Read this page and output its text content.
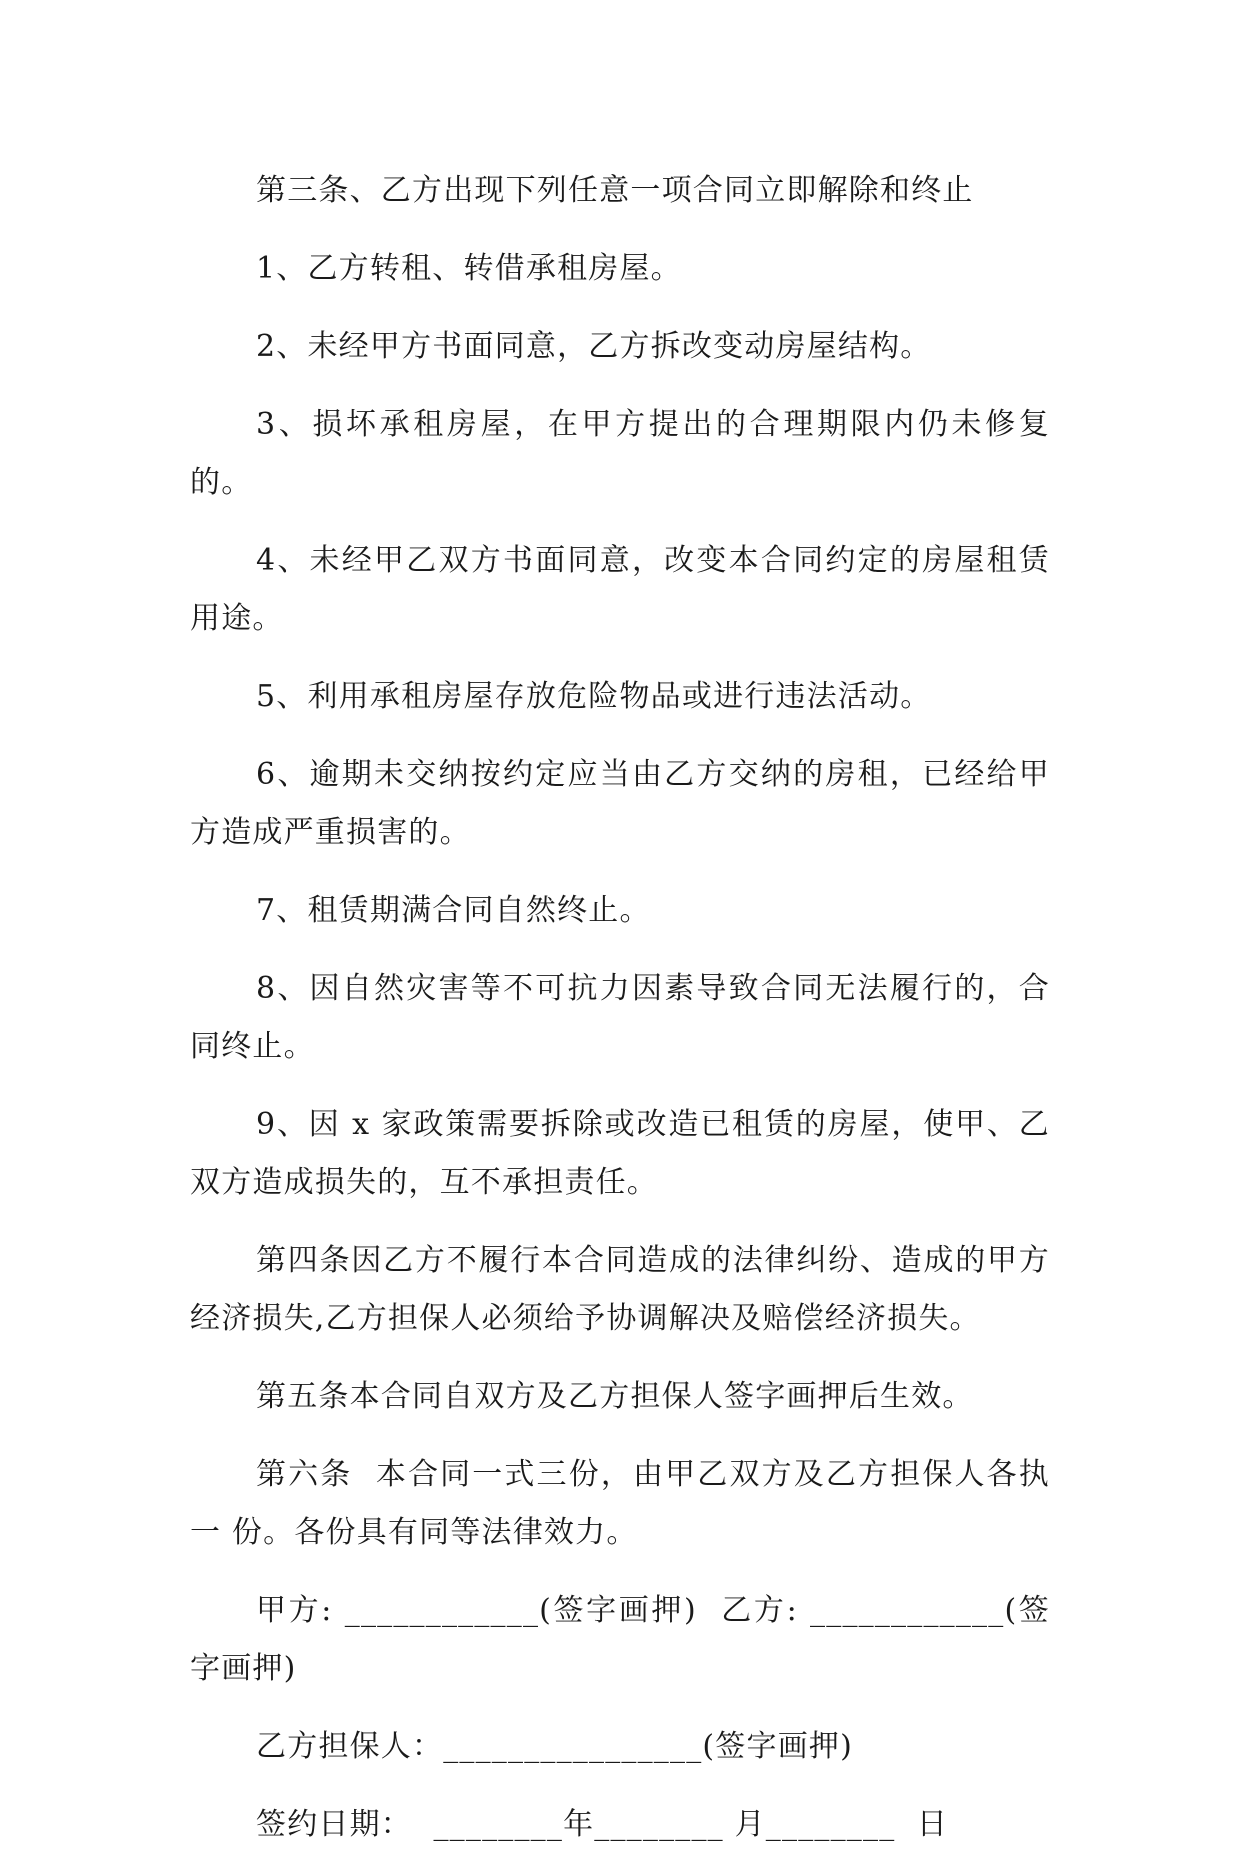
第三条、乙方出现下列任意一项合同立即解除和终止

1、乙方转租、转借承租房屋。

2、未经甲方书面同意，乙方拆改变动房屋结构。

3、损坏承租房屋，在甲方提出的合理期限内仍未修复的。

4、未经甲乙双方书面同意，改变本合同约定的房屋租赁用途。

5、利用承租房屋存放危险物品或进行违法活动。

6、逾期未交纳按约定应当由乙方交纳的房租，已经给甲方造成严重损害的。

7、租赁期满合同自然终止。

8、因自然灾害等不可抗力因素导致合同无法履行的，合同终止。

9、因 x 家政策需要拆除或改造已租赁的房屋，使甲、乙双方造成损失的，互不承担责任。

第四条因乙方不履行本合同造成的法律纠纷、造成的甲方经济损失,乙方担保人必须给予协调解决及赔偿经济损失。

第五条本合同自双方及乙方担保人签字画押后生效。

第六条  本合同一式三份，由甲乙双方及乙方担保人各执 一 份。各份具有同等法律效力。

甲方: ____________(签字画押)  乙方: ____________(签字画押)

乙方担保人：________________(签字画押)

签约日期：  ________年________ 月________  日
